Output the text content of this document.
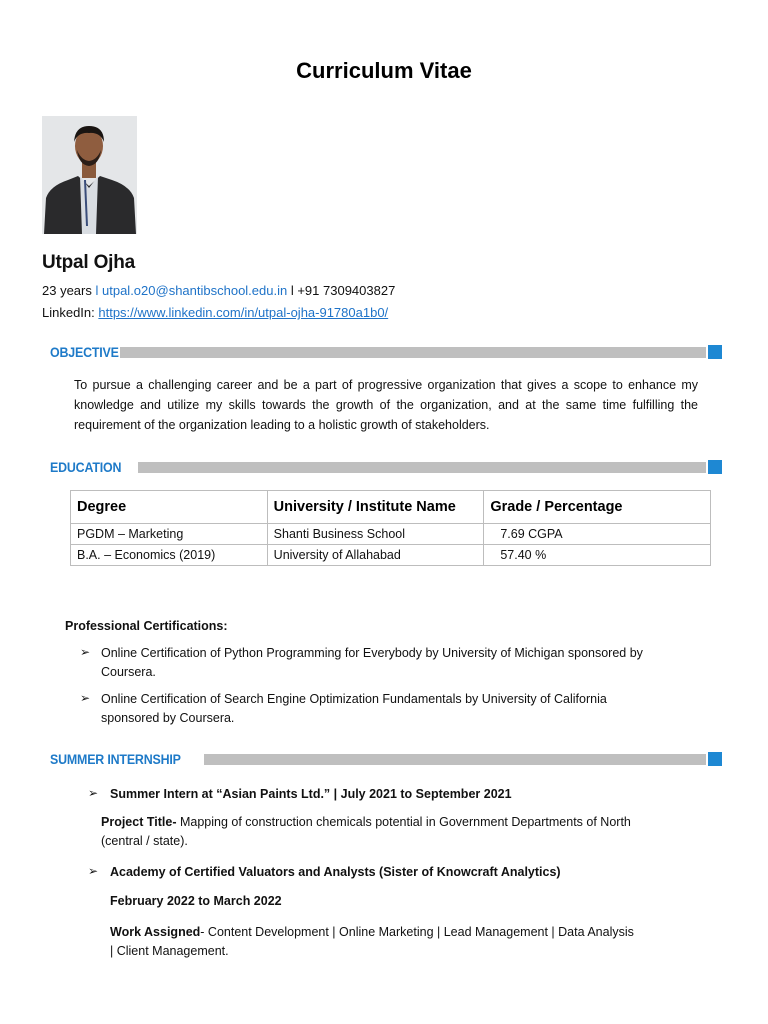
Curriculum Vitae
Utpal Ojha
23 years l utpal.o20@shantibschool.edu.in l +91 7309403827
LinkedIn: https://www.linkedin.com/in/utpal-ojha-91780a1b0/
OBJECTIVE
To pursue a challenging career and be a part of progressive organization that gives a scope to enhance my knowledge and utilize my skills towards the growth of the organization, and at the same time fulfilling the requirement of the organization leading to a holistic growth of stakeholders.
EDUCATION
Degree	University / Institute Name	Grade / Percentage
PGDM – Marketing	Shanti Business School	7.69 CGPA
B.A. – Economics (2019)	University of Allahabad	57.40 %
Professional Certifications:
➢ Online Certification of Python Programming for Everybody by University of Michigan sponsored by
Coursera.
➢ Online Certification of Search Engine Optimization Fundamentals by University of California
sponsored by Coursera.
SUMMER INTERNSHIP
➢ Summer Intern at “Asian Paints Ltd.” | July 2021 to September 2021
Project Title- Mapping of construction chemicals potential in Government Departments of North
(central / state).
➢ Academy of Certified Valuators and Analysts (Sister of Knowcraft Analytics)
February 2022 to March 2022
Work Assigned- Content Development | Online Marketing | Lead Management | Data Analysis
| Client Management.
